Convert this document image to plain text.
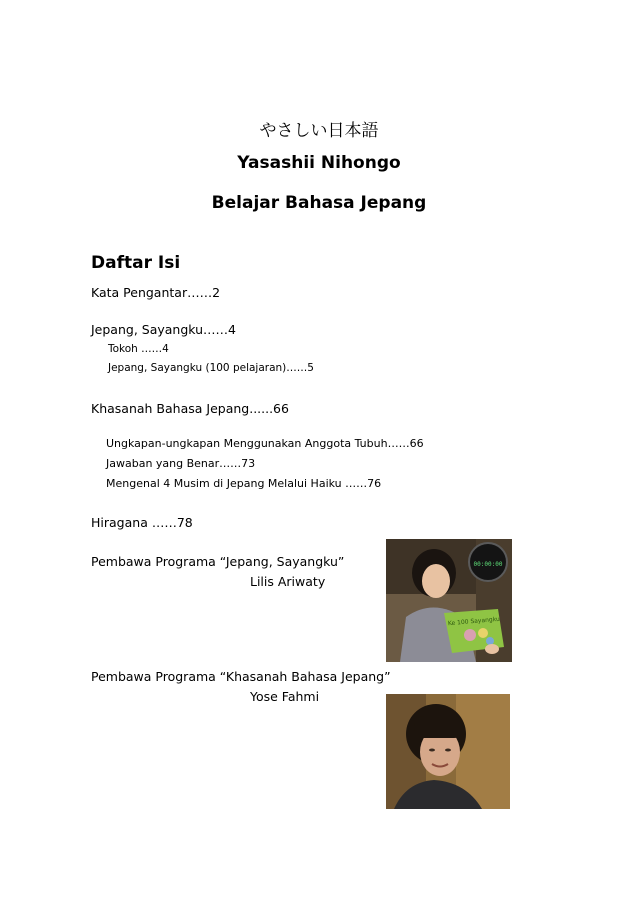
やさしい日本語
Yasashii Nihongo
Belajar Bahasa Jepang
Daftar Isi
Kata Pengantar……2
Jepang, Sayangku……4
Tokoh ……4
Jepang, Sayangku (100 pelajaran)……5
Khasanah Bahasa Jepang......66
Ungkapan-ungkapan Menggunakan Anggota Tubuh……66
Jawaban yang Benar……73
Mengenal 4 Musim di Jepang Melalui Haiku ……76
Hiragana ……78
Pembawa Programa “Jepang, Sayangku”
Lilis Ariwaty
00:00:00
Ke 100 Sayangku
Pembawa Programa “Khasanah Bahasa Jepang”
Yose Fahmi
